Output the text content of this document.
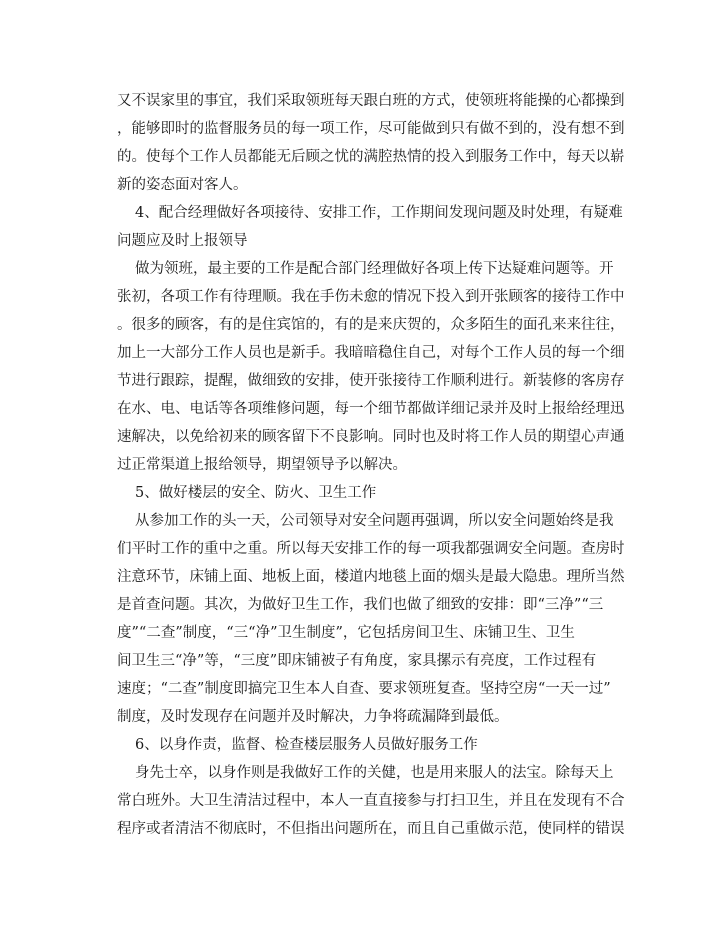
又不误家里的事宜，我们采取领班每天跟白班的方式，使领班将能操的心都操到
，能够即时的监督服务员的每一项工作，尽可能做到只有做不到的，没有想不到
的。使每个工作人员都能无后顾之忧的满腔热情的投入到服务工作中，每天以崭
新的姿态面对客人。
4、配合经理做好各项接待、安排工作，工作期间发现问题及时处理，有疑难
问题应及时上报领导
做为领班，最主要的工作是配合部门经理做好各项上传下达疑难问题等。开
张初，各项工作有待理顺。我在手伤未愈的情况下投入到开张顾客的接待工作中
。很多的顾客，有的是住宾馆的，有的是来庆贺的，众多陌生的面孔来来往往，
加上一大部分工作人员也是新手。我暗暗稳住自己，对每个工作人员的每一个细
节进行跟踪，提醒，做细致的安排，使开张接待工作顺利进行。新装修的客房存
在水、电、电话等各项维修问题，每一个细节都做详细记录并及时上报给经理迅
速解决，以免给初来的顾客留下不良影响。同时也及时将工作人员的期望心声通
过正常渠道上报给领导，期望领导予以解决。
5、做好楼层的安全、防火、卫生工作
从参加工作的头一天，公司领导对安全问题再强调，所以安全问题始终是我
们平时工作的重中之重。所以每天安排工作的每一项我都强调安全问题。查房时
注意环节，床铺上面、地板上面，楼道内地毯上面的烟头是最大隐患。理所当然
是首查问题。其次，为做好卫生工作，我们也做了细致的安排：即“三净”“三
度”“二查”制度，“三“净”卫生制度”，它包括房间卫生、床铺卫生、卫生
间卫生三“净”等，“三度”即床铺被子有角度，家具摞示有亮度，工作过程有
速度；“二查”制度即搞完卫生本人自查、要求领班复查。坚持空房“一天一过”
制度，及时发现存在问题并及时解决，力争将疏漏降到最低。
6、以身作责，监督、检查楼层服务人员做好服务工作
身先士卒，以身作则是我做好工作的关健，也是用来服人的法宝。除每天上
常白班外。大卫生清洁过程中，本人一直直接参与打扫卫生，并且在发现有不合
程序或者清洁不彻底时，不但指出问题所在，而且自己重做示范，使同样的错误
